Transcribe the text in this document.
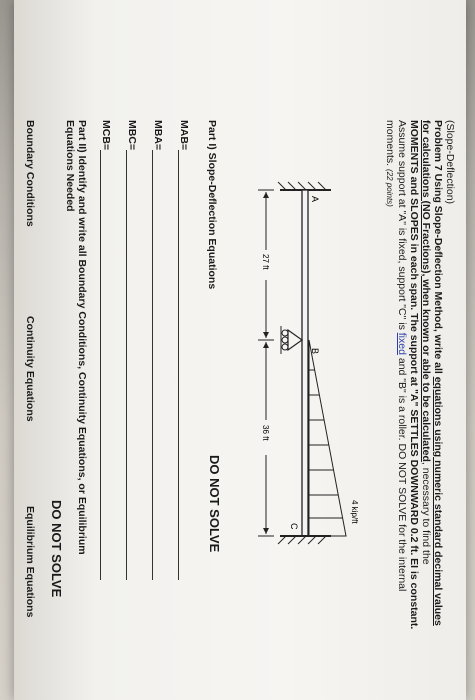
(Slope-Deflection)
Problem 7 Using Slope-Deflection Method, write all equations using numeric standard decimal values
for calculations (NO Fractions), when known or able to be calculated, necessary to find the
MOMENTS and SLOPES in each span. The support at "A" SETTLES DOWNWARD 0.2 ft. EI is constant.
Assume support at "A" is fixed, support "C" is fixed and "B" is a roller. DO NOT SOLVE for the internal
moments. (22 points)
4 kip/ft
A
B
C
27 ft
36 ft
Part I) Slope-Deflection Equations
DO NOT SOLVE
MAB=
MBA=
MBC=
MCB=
Part II) Identify and write all Boundary Conditions, Continuity Equations, or Equilibrium
Equations Needed
DO NOT SOLVE
Boundary Conditions
Continuity Equations
Equilibrium Equations
